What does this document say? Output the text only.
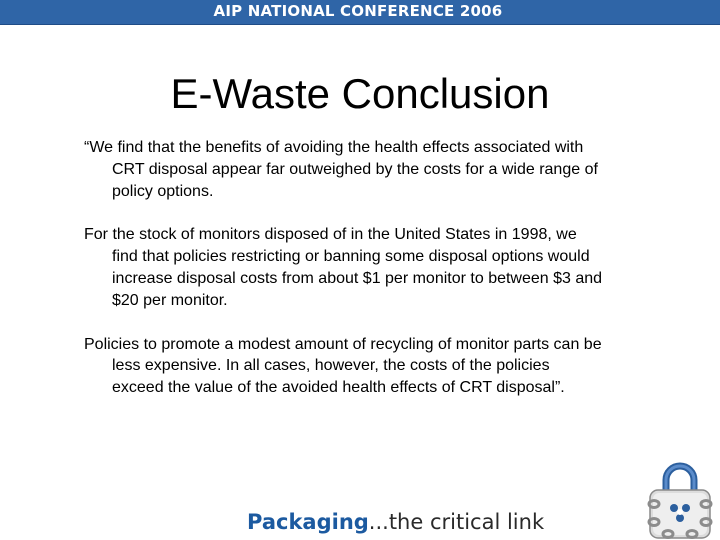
AIP NATIONAL CONFERENCE 2006
E-Waste Conclusion

“We find that the benefits of avoiding the health effects associated with CRT disposal appear far outweighed by the costs for a wide range of policy options.

For the stock of monitors disposed of in the United States in 1998, we find that policies restricting or banning some disposal options would increase disposal costs from about $1 per monitor to between $3 and $20 per monitor.

Policies to promote a modest amount of recycling of monitor parts can be less expensive. In all cases, however, the costs of the policies exceed the value of the avoided health effects of CRT disposal”.

Packaging...the critical link
